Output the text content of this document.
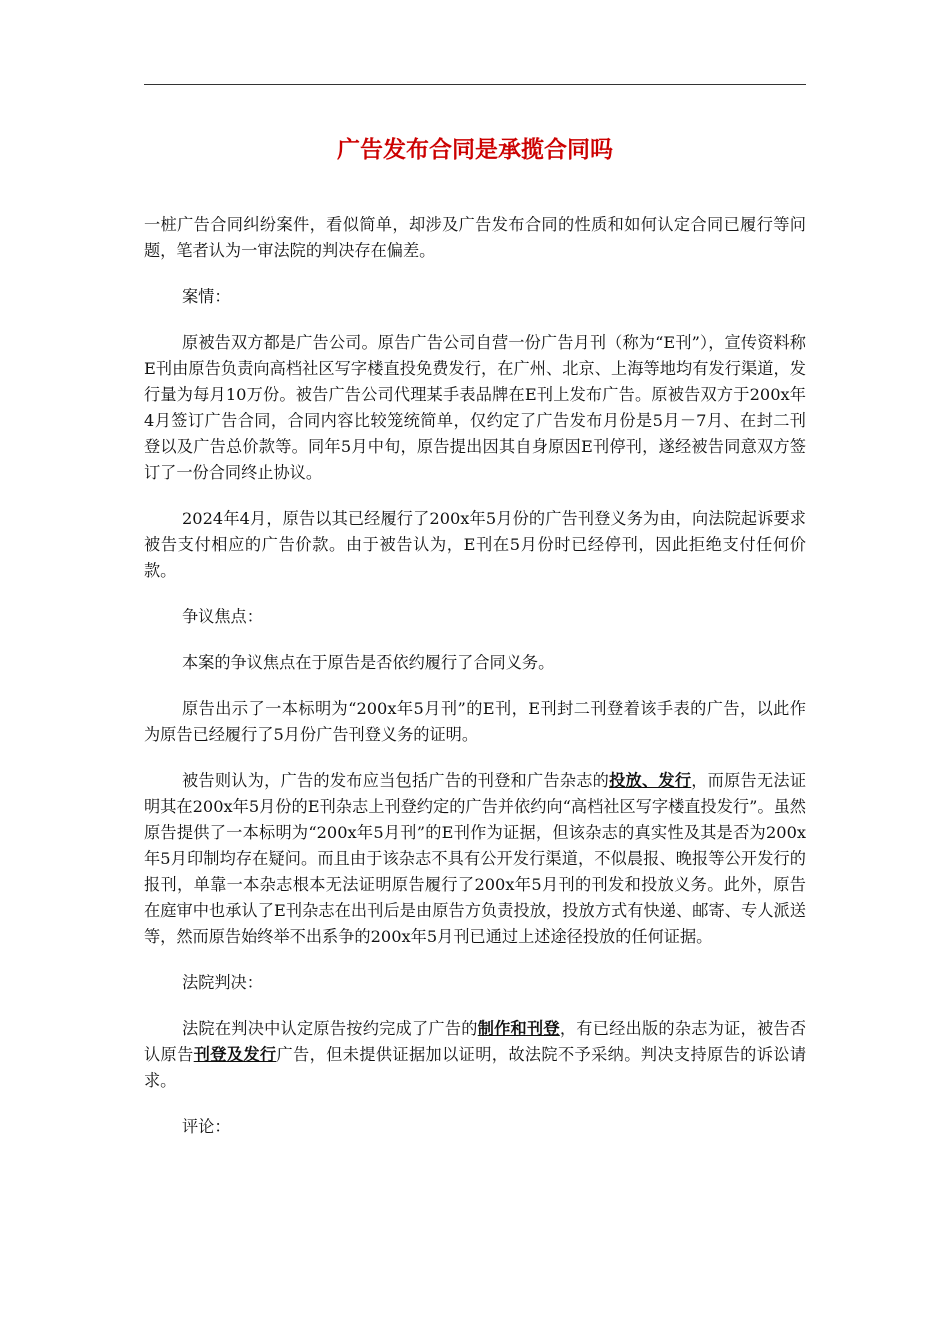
广告发布合同是承揽合同吗

一桩广告合同纠纷案件，看似简单，却涉及广告发布合同的性质和如何认定合同已履行等问题，笔者认为一审法院的判决存在偏差。

案情：

原被告双方都是广告公司。原告广告公司自营一份广告月刊（称为“E刊”），宣传资料称E刊由原告负责向高档社区写字楼直投免费发行，在广州、北京、上海等地均有发行渠道，发行量为每月10万份。被告广告公司代理某手表品牌在E刊上发布广告。原被告双方于200x年4月签订广告合同，合同内容比较笼统简单，仅约定了广告发布月份是5月－7月、在封二刊登以及广告总价款等。同年5月中旬，原告提出因其自身原因E刊停刊，遂经被告同意双方签订了一份合同终止协议。

2024年4月，原告以其已经履行了200x年5月份的广告刊登义务为由，向法院起诉要求被告支付相应的广告价款。由于被告认为，E刊在5月份时已经停刊，因此拒绝支付任何价款。

争议焦点：

本案的争议焦点在于原告是否依约履行了合同义务。

原告出示了一本标明为“200x年5月刊”的E刊，E刊封二刊登着该手表的广告，以此作为原告已经履行了5月份广告刊登义务的证明。

被告则认为，广告的发布应当包括广告的刊登和广告杂志的投放、发行，而原告无法证明其在200x年5月份的E刊杂志上刊登约定的广告并依约向“高档社区写字楼直投发行”。虽然原告提供了一本标明为“200x年5月刊”的E刊作为证据，但该杂志的真实性及其是否为200x年5月印制均存在疑问。而且由于该杂志不具有公开发行渠道，不似晨报、晚报等公开发行的报刊，单靠一本杂志根本无法证明原告履行了200x年5月刊的刊发和投放义务。此外，原告在庭审中也承认了E刊杂志在出刊后是由原告方负责投放，投放方式有快递、邮寄、专人派送等，然而原告始终举不出系争的200x年5月刊已通过上述途径投放的任何证据。

法院判决：

法院在判决中认定原告按约完成了广告的制作和刊登，有已经出版的杂志为证，被告否认原告刊登及发行广告，但未提供证据加以证明，故法院不予采纳。判决支持原告的诉讼请求。

评论：
